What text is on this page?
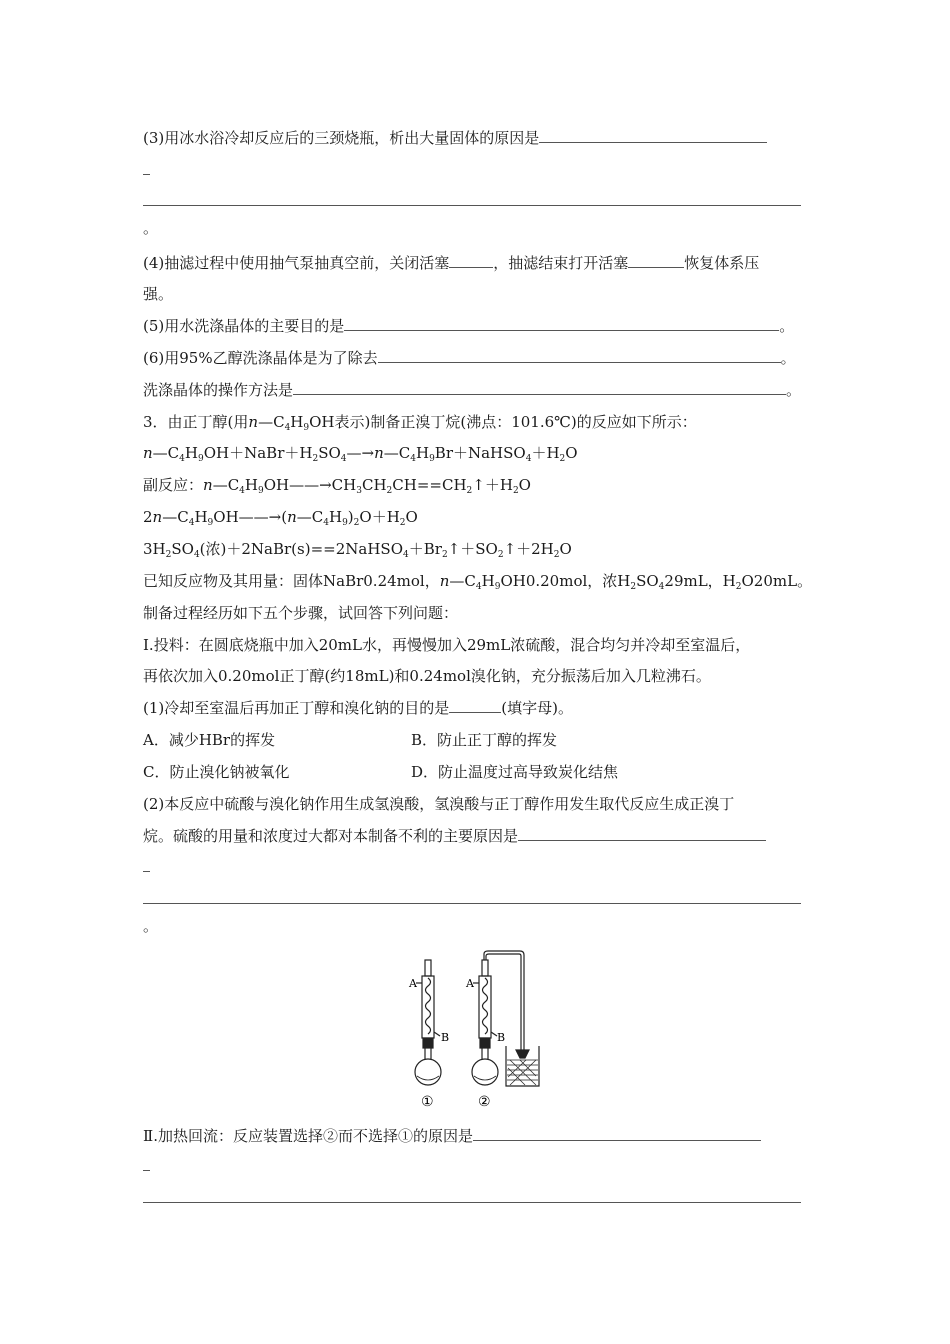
(3)用冰水浴冷却反应后的三颈烧瓶，析出大量固体的原因是
。
(4)抽滤过程中使用抽气泵抽真空前，关闭活塞	，抽滤结束打开活塞	恢复体系压
强。
(5)用水洗涤晶体的主要目的是	。
(6)用95%乙醇洗涤晶体是为了除去	。
洗涤晶体的操作方法是	。
3．由正丁醇(用$n—C_4H_9OH$表示)制备正溴丁烷(沸点：101.6℃)的反应如下所示：
$n—C_4H_9OH+NaBr+H_2SO_4—\to n—C_4H_9Br+NaHSO_4+H_2O$
副反应：$n—C_4H_9OH——\to CH_3CH_2CH==CH_2↑+H_2O$
$2n—C_4H_9OH——\to(n—C_4H_9)_2O+H_2O$
$3H_2SO_4$(浓)$+2NaBr(s)==2NaHSO_4+Br_2↑+SO_2↑+2H_2O$
已知反应物及其用量：固体NaBr0.24mol，$n—C_4H_9OH0.20mol$，浓$H_2SO_429mL$，$H_2O20mL$。
制备过程经历如下五个步骤，试回答下列问题：
Ⅰ.投料：在圆底烧瓶中加入20mL水，再慢慢加入29mL浓硫酸，混合均匀并冷却至室温后，
再依次加入0.20mol正丁醇(约18mL)和0.24mol溴化钠，充分振荡后加入几粒沸石。
(1)冷却至室温后再加正丁醇和溴化钠的目的是	(填字母)。
A．减少HBr的挥发	B．防止正丁醇的挥发
C．防止溴化钠被氧化	D．防止温度过高导致炭化结焦
(2)本反应中硫酸与溴化钠作用生成氢溴酸，氢溴酸与正丁醇作用发生取代反应生成正溴丁
烷。硫酸的用量和浓度过大都对本制备不利的主要原因是
。
A
B
A
B
①	②
Ⅱ.加热回流：反应装置选择②而不选择①的原因是
